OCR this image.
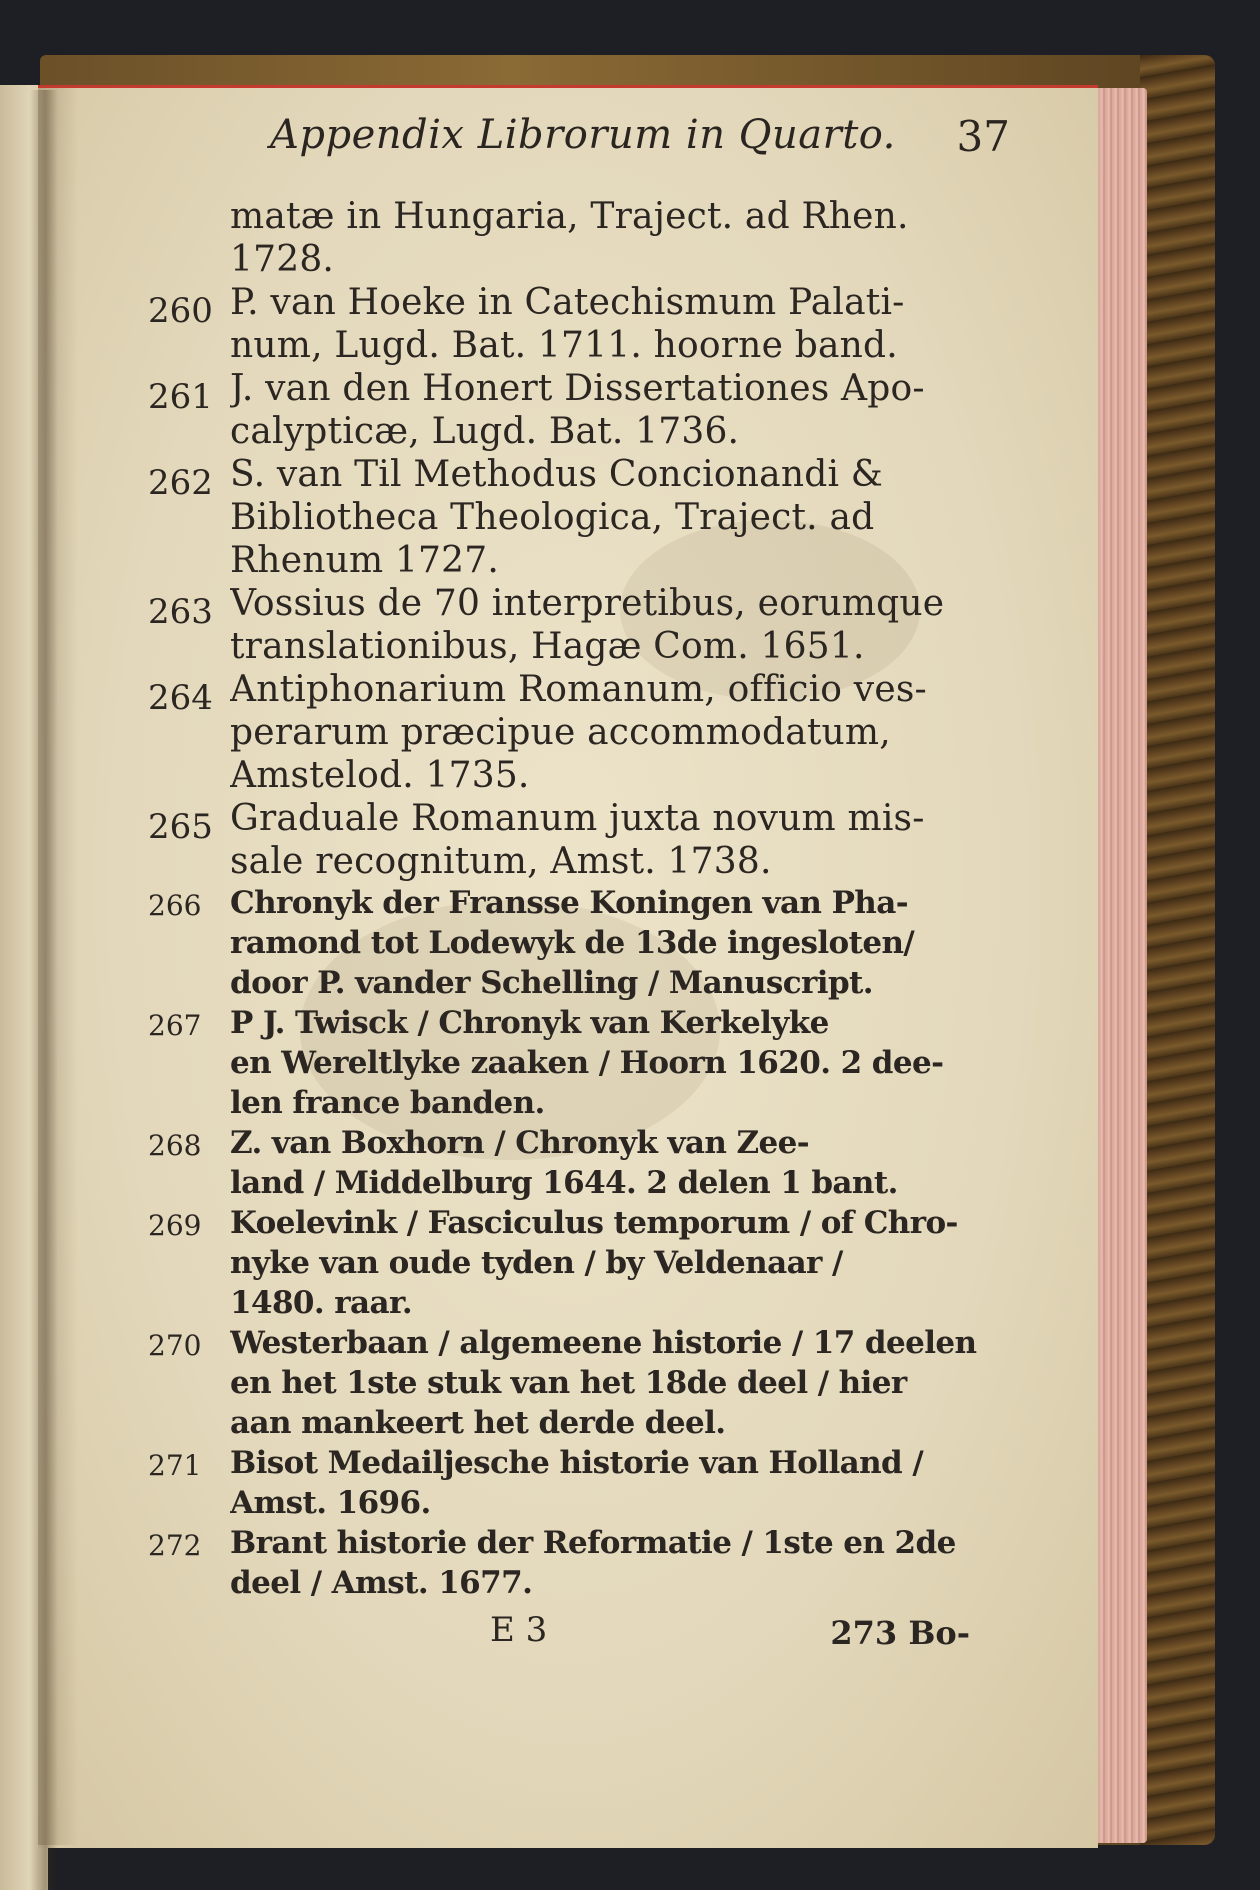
Appendix Librorum in Quarto. 37
matæ in Hungaria, Traject. ad Rhen.
1728.
260 P. van Hoeke in Catechismum Palati-
num, Lugd. Bat. 1711. hoorne band.
261 J. van den Honert Dissertationes Apo-
calypticæ, Lugd. Bat. 1736.
262 S. van Til Methodus Concionandi &
Bibliotheca Theologica, Traject. ad
Rhenum 1727.
263 Vossius de 70 interpretibus, eorumque
translationibus, Hagæ Com. 1651.
264 Antiphonarium Romanum, officio ves-
perarum præcipue accommodatum,
Amstelod. 1735.
265 Graduale Romanum juxta novum mis-
sale recognitum, Amst. 1738.
266 Chronyk der Fransse Koningen van Pha-
ramond tot Lodewyk de 13de ingesloten/
door P. vander Schelling / Manuscript.
267 P J. Twisck / Chronyk van Kerkelyke
en Wereltlyke zaaken / Hoorn 1620. 2 dee-
len france banden.
268 Z. van Boxhorn / Chronyk van Zee-
land / Middelburg 1644. 2 delen 1 bant.
269 Koelevink / Fasciculus temporum / of Chro-
nyke van oude tyden / by Veldenaar /
1480. raar.
270 Westerbaan / algemeene historie / 17 deelen
en het 1ste stuk van het 18de deel / hier
aan mankeert het derde deel.
271 Bisot Medailjesche historie van Holland /
Amst. 1696.
272 Brant historie der Reformatie / 1ste en 2de
deel / Amst. 1677.
E 3	273 Bo-
